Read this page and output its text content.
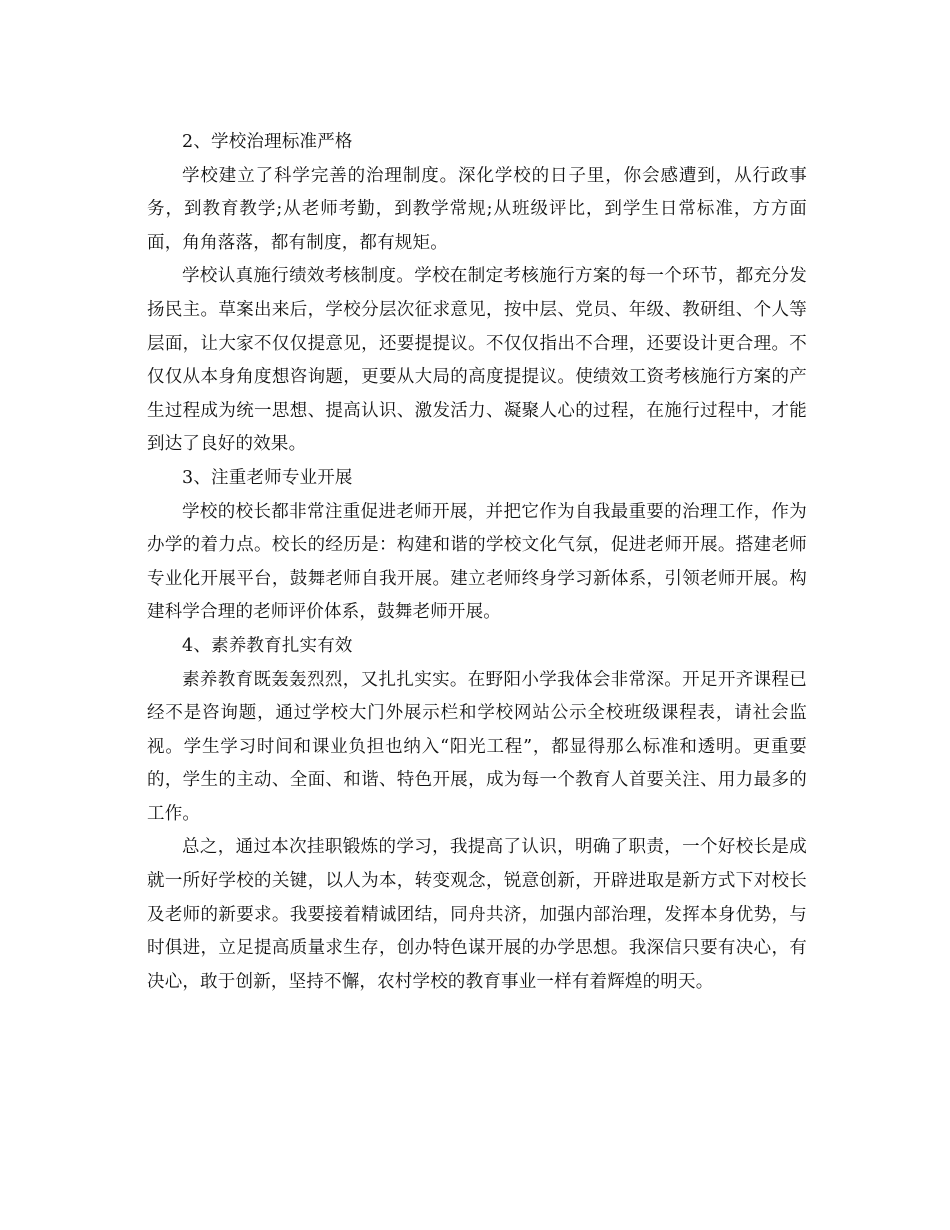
2、学校治理标准严格

学校建立了科学完善的治理制度。深化学校的日子里，你会感遭到，从行政事务，到教育教学;从老师考勤，到教学常规;从班级评比，到学生日常标准，方方面面，角角落落，都有制度，都有规矩。

学校认真施行绩效考核制度。学校在制定考核施行方案的每一个环节，都充分发扬民主。草案出来后，学校分层次征求意见，按中层、党员、年级、教研组、个人等层面，让大家不仅仅提意见，还要提提议。不仅仅指出不合理，还要设计更合理。不仅仅从本身角度想咨询题，更要从大局的高度提提议。使绩效工资考核施行方案的产生过程成为统一思想、提高认识、激发活力、凝聚人心的过程，在施行过程中，才能到达了良好的效果。

3、注重老师专业开展

学校的校长都非常注重促进老师开展，并把它作为自我最重要的治理工作，作为办学的着力点。校长的经历是：构建和谐的学校文化气氛，促进老师开展。搭建老师专业化开展平台，鼓舞老师自我开展。建立老师终身学习新体系，引领老师开展。构建科学合理的老师评价体系，鼓舞老师开展。

4、素养教育扎实有效

素养教育既轰轰烈烈，又扎扎实实。在野阳小学我体会非常深。开足开齐课程已经不是咨询题，通过学校大门外展示栏和学校网站公示全校班级课程表，请社会监视。学生学习时间和课业负担也纳入“阳光工程”，都显得那么标准和透明。更重要的，学生的主动、全面、和谐、特色开展，成为每一个教育人首要关注、用力最多的工作。

总之，通过本次挂职锻炼的学习，我提高了认识，明确了职责，一个好校长是成就一所好学校的关键，以人为本，转变观念，锐意创新，开辟进取是新方式下对校长及老师的新要求。我要接着精诚团结，同舟共济，加强内部治理，发挥本身优势，与时俱进，立足提高质量求生存，创办特色谋开展的办学思想。我深信只要有决心，有决心，敢于创新，坚持不懈，农村学校的教育事业一样有着辉煌的明天。
